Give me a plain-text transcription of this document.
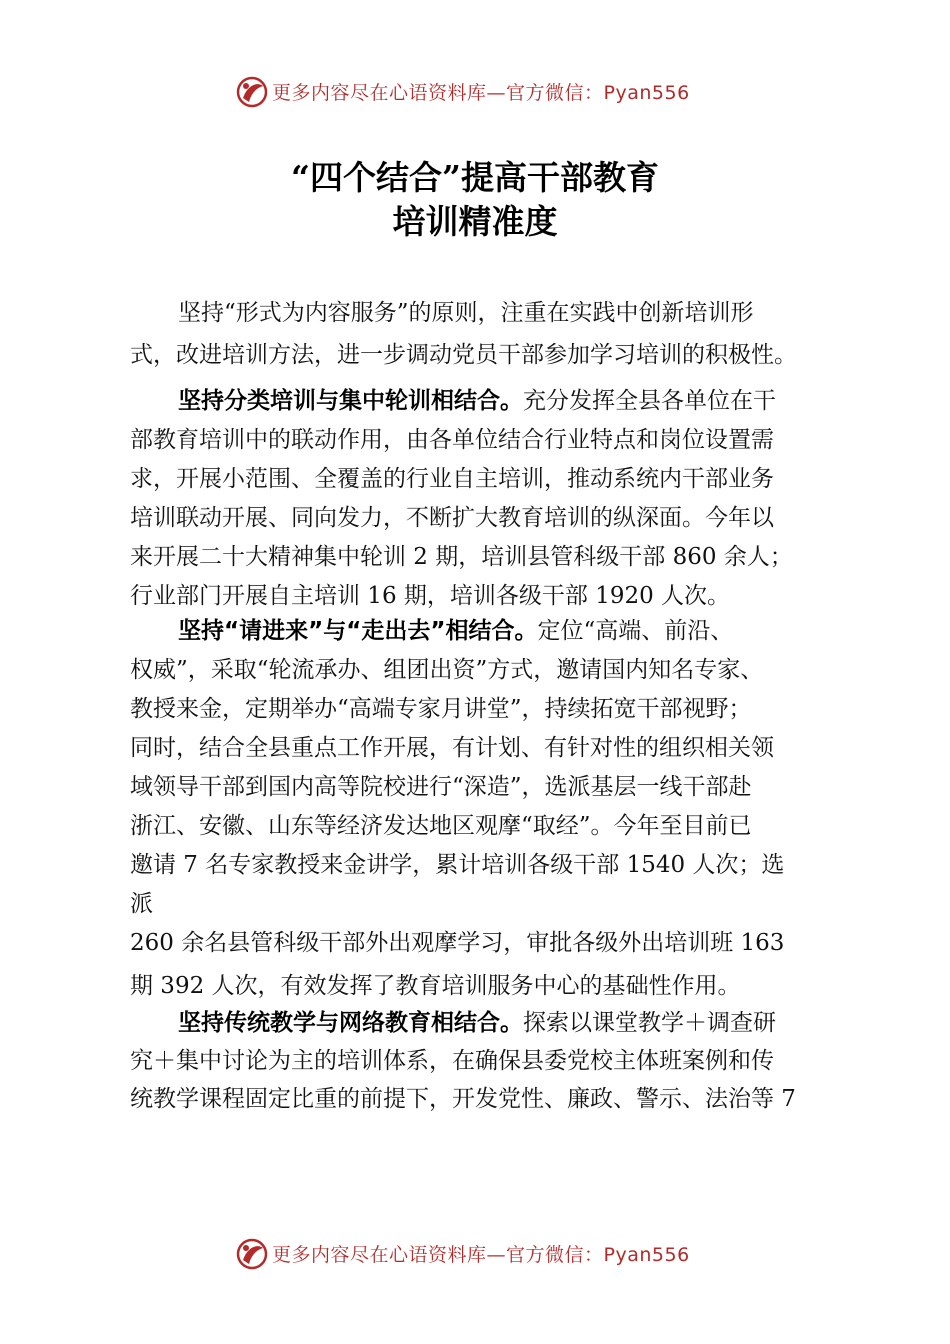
更多内容尽在心语资料库—官方微信：Pyan556
“四个结合”提高干部教育
培训精准度
坚持“形式为内容服务”的原则，注重在实践中创新培训形
式，改进培训方法，进一步调动党员干部参加学习培训的积极性。
坚持分类培训与集中轮训相结合。充分发挥全县各单位在干
部教育培训中的联动作用，由各单位结合行业特点和岗位设置需
求，开展小范围、全覆盖的行业自主培训，推动系统内干部业务
培训联动开展、同向发力，不断扩大教育培训的纵深面。今年以
来开展二十大精神集中轮训 2 期，培训县管科级干部 860 余人；
行业部门开展自主培训 16 期，培训各级干部 1920 人次。
坚持“请进来”与“走出去”相结合。定位“高端、前沿、
权威”，采取“轮流承办、组团出资”方式，邀请国内知名专家、
教授来金，定期举办“高端专家月讲堂”，持续拓宽干部视野；
同时，结合全县重点工作开展，有计划、有针对性的组织相关领
域领导干部到国内高等院校进行“深造”，选派基层一线干部赴
浙江、安徽、山东等经济发达地区观摩“取经”。今年至目前已
邀请 7 名专家教授来金讲学，累计培训各级干部 1540 人次；选
派
260 余名县管科级干部外出观摩学习，审批各级外出培训班 163
期 392 人次，有效发挥了教育培训服务中心的基础性作用。
坚持传统教学与网络教育相结合。探索以课堂教学＋调查研
究＋集中讨论为主的培训体系，在确保县委党校主体班案例和传
统教学课程固定比重的前提下，开发党性、廉政、警示、法治等 7
更多内容尽在心语资料库—官方微信：Pyan556
